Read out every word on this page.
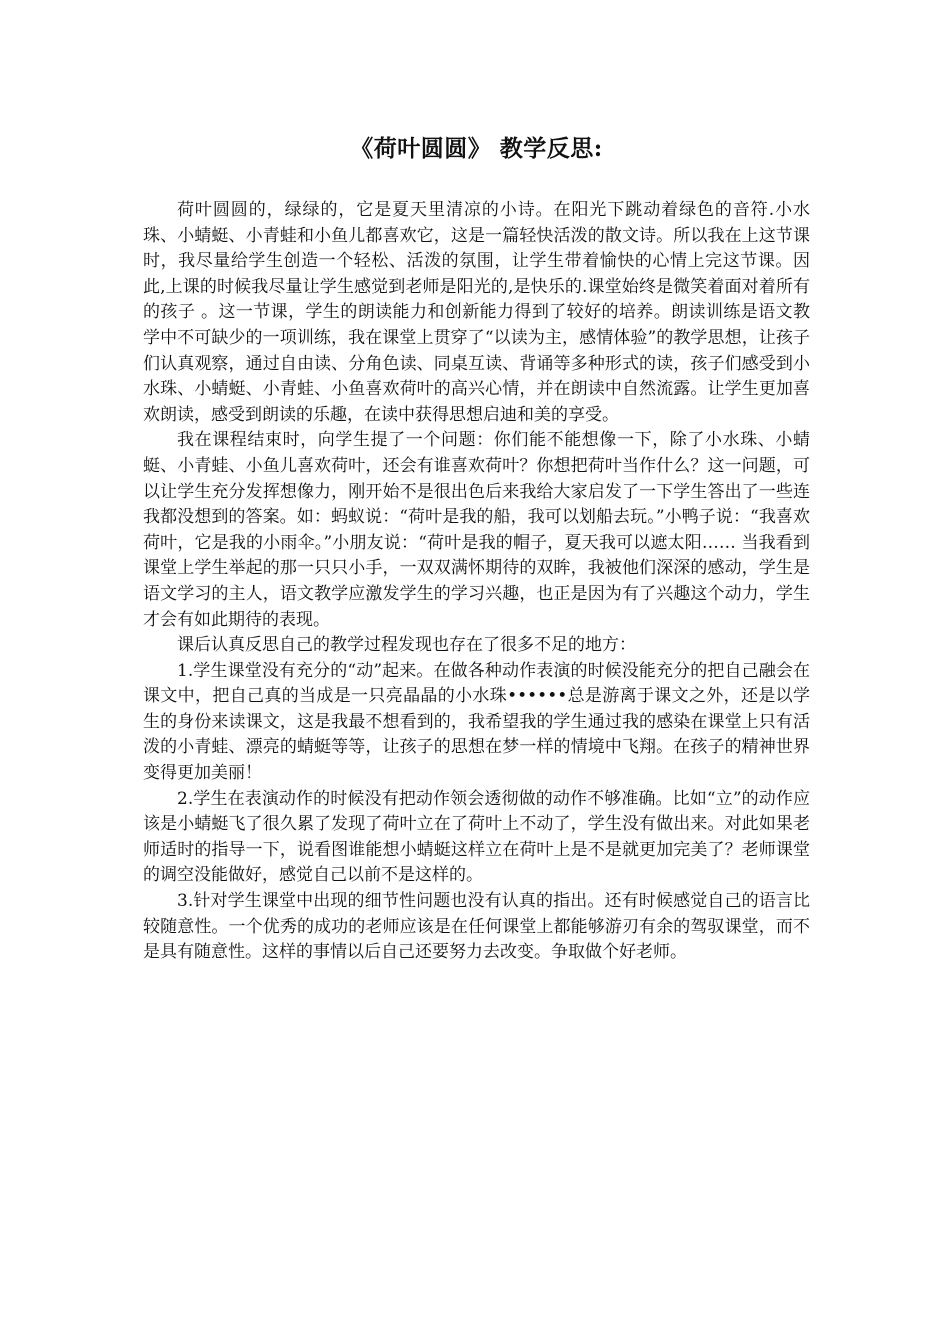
《荷叶圆圆》 教学反思:

荷叶圆圆的，绿绿的，它是夏天里清凉的小诗。在阳光下跳动着绿色的音符.小水珠、小蜻蜓、小青蛙和小鱼儿都喜欢它，这是一篇轻快活泼的散文诗。所以我在上这节课时，我尽量给学生创造一个轻松、活泼的氛围，让学生带着愉快的心情上完这节课。因此,上课的时候我尽量让学生感觉到老师是阳光的,是快乐的.课堂始终是微笑着面对着所有的孩子 。这一节课，学生的朗读能力和创新能力得到了较好的培养。朗读训练是语文教学中不可缺少的一项训练，我在课堂上贯穿了“以读为主，感情体验”的教学思想，让孩子们认真观察，通过自由读、分角色读、同桌互读、背诵等多种形式的读，孩子们感受到小水珠、小蜻蜓、小青蛙、小鱼喜欢荷叶的高兴心情，并在朗读中自然流露。让学生更加喜欢朗读，感受到朗读的乐趣，在读中获得思想启迪和美的享受。

我在课程结束时，向学生提了一个问题：你们能不能想像一下，除了小水珠、小蜻蜓、小青蛙、小鱼儿喜欢荷叶，还会有谁喜欢荷叶？你想把荷叶当作什么？这一问题，可以让学生充分发挥想像力，刚开始不是很出色后来我给大家启发了一下学生答出了一些连我都没想到的答案。如：蚂蚁说：“荷叶是我的船，我可以划船去玩。”小鸭子说：“我喜欢荷叶，它是我的小雨伞。”小朋友说：“荷叶是我的帽子，夏天我可以遮太阳…… 当我看到课堂上学生举起的那一只只小手，一双双满怀期待的双眸，我被他们深深的感动，学生是语文学习的主人，语文教学应激发学生的学习兴趣，也正是因为有了兴趣这个动力，学生才会有如此期待的表现。

课后认真反思自己的教学过程发现也存在了很多不足的地方：

1.学生课堂没有充分的“动”起来。在做各种动作表演的时候没能充分的把自己融会在课文中，把自己真的当成是一只亮晶晶的小水珠••••••总是游离于课文之外，还是以学生的身份来读课文，这是我最不想看到的，我希望我的学生通过我的感染在课堂上只有活泼的小青蛙、漂亮的蜻蜓等等，让孩子的思想在梦一样的情境中飞翔。在孩子的精神世界变得更加美丽！

2.学生在表演动作的时候没有把动作领会透彻做的动作不够准确。比如“立”的动作应该是小蜻蜓飞了很久累了发现了荷叶立在了荷叶上不动了，学生没有做出来。对此如果老师适时的指导一下，说看图谁能想小蜻蜓这样立在荷叶上是不是就更加完美了？老师课堂的调空没能做好，感觉自己以前不是这样的。

3.针对学生课堂中出现的细节性问题也没有认真的指出。还有时候感觉自己的语言比较随意性。一个优秀的成功的老师应该是在任何课堂上都能够游刃有余的驾驭课堂，而不是具有随意性。这样的事情以后自己还要努力去改变。争取做个好老师。
